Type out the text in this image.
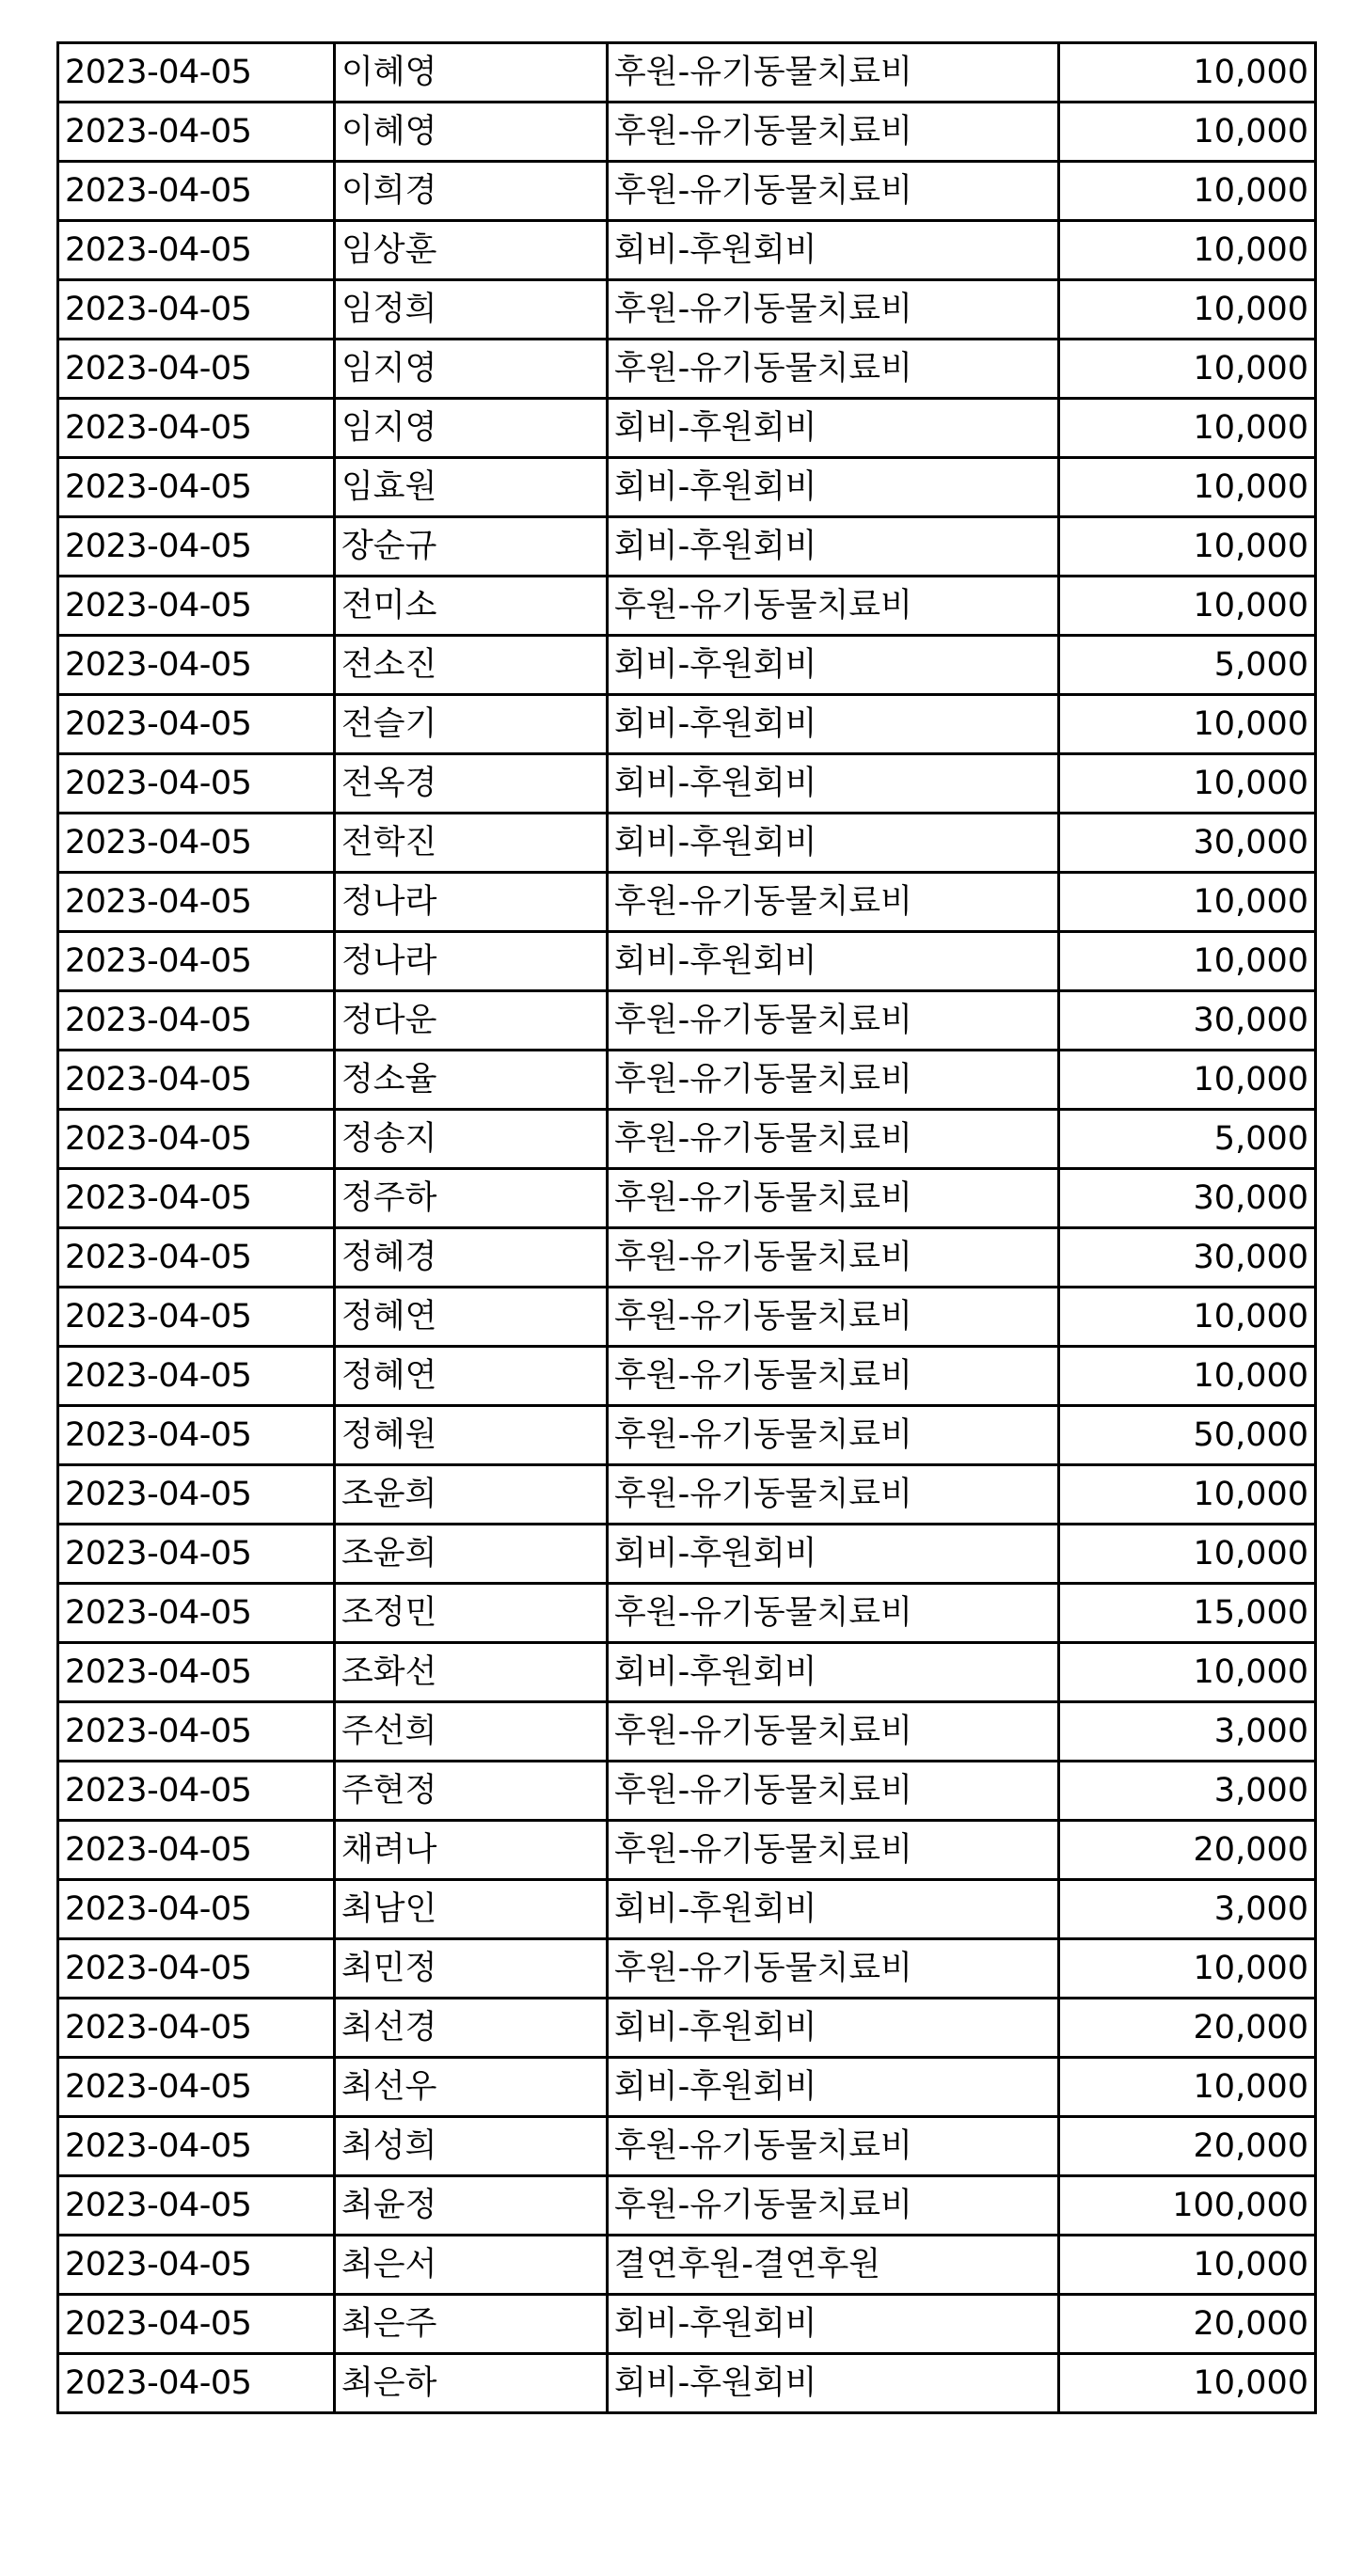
2023-04-05	이혜영	후원-유기동물치료비	10,000
2023-04-05	이혜영	후원-유기동물치료비	10,000
2023-04-05	이희경	후원-유기동물치료비	10,000
2023-04-05	임상훈	회비-후원회비	10,000
2023-04-05	임정희	후원-유기동물치료비	10,000
2023-04-05	임지영	후원-유기동물치료비	10,000
2023-04-05	임지영	회비-후원회비	10,000
2023-04-05	임효원	회비-후원회비	10,000
2023-04-05	장순규	회비-후원회비	10,000
2023-04-05	전미소	후원-유기동물치료비	10,000
2023-04-05	전소진	회비-후원회비	5,000
2023-04-05	전슬기	회비-후원회비	10,000
2023-04-05	전옥경	회비-후원회비	10,000
2023-04-05	전학진	회비-후원회비	30,000
2023-04-05	정나라	후원-유기동물치료비	10,000
2023-04-05	정나라	회비-후원회비	10,000
2023-04-05	정다운	후원-유기동물치료비	30,000
2023-04-05	정소율	후원-유기동물치료비	10,000
2023-04-05	정송지	후원-유기동물치료비	5,000
2023-04-05	정주하	후원-유기동물치료비	30,000
2023-04-05	정혜경	후원-유기동물치료비	30,000
2023-04-05	정혜연	후원-유기동물치료비	10,000
2023-04-05	정혜연	후원-유기동물치료비	10,000
2023-04-05	정혜원	후원-유기동물치료비	50,000
2023-04-05	조윤희	후원-유기동물치료비	10,000
2023-04-05	조윤희	회비-후원회비	10,000
2023-04-05	조정민	후원-유기동물치료비	15,000
2023-04-05	조화선	회비-후원회비	10,000
2023-04-05	주선희	후원-유기동물치료비	3,000
2023-04-05	주현정	후원-유기동물치료비	3,000
2023-04-05	채려나	후원-유기동물치료비	20,000
2023-04-05	최남인	회비-후원회비	3,000
2023-04-05	최민정	후원-유기동물치료비	10,000
2023-04-05	최선경	회비-후원회비	20,000
2023-04-05	최선우	회비-후원회비	10,000
2023-04-05	최성희	후원-유기동물치료비	20,000
2023-04-05	최윤정	후원-유기동물치료비	100,000
2023-04-05	최은서	결연후원-결연후원	10,000
2023-04-05	최은주	회비-후원회비	20,000
2023-04-05	최은하	회비-후원회비	10,000
